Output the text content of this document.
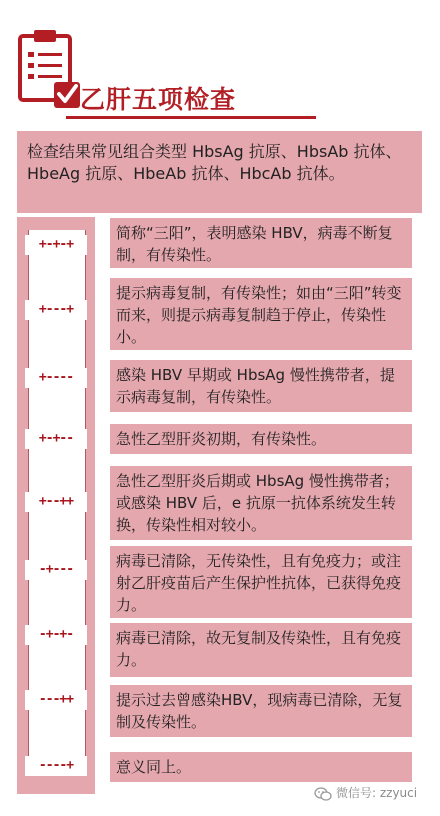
乙肝五项检查
检查结果常见组合类型 HbsAg 抗原、HbsAb 抗体、HbeAg 抗原、HbeAb 抗体、HbcAb 抗体。
+-+-+
+---+
+----
+-+--
+--++
-+---
-+-+-
---++
----+
简称“三阳”，表明感染 HBV，病毒不断复制，有传染性。
提示病毒复制，有传染性；如由“三阳”转变而来，则提示病毒复制趋于停止，传染性小。
感染 HBV 早期或 HbsAg 慢性携带者，提示病毒复制，有传染性。
急性乙型肝炎初期，有传染性。
急性乙型肝炎后期或 HbsAg 慢性携带者；或感染 HBV 后，e 抗原一抗体系统发生转换，传染性相对较小。
病毒已清除，无传染性，且有免疫力；或注射乙肝疫苗后产生保护性抗体，已获得免疫力。
病毒已清除，故无复制及传染性，且有免疫力。
提示过去曾感染HBV，现病毒已清除，无复制及传染性。
意义同上。
微信号: zzyuci
